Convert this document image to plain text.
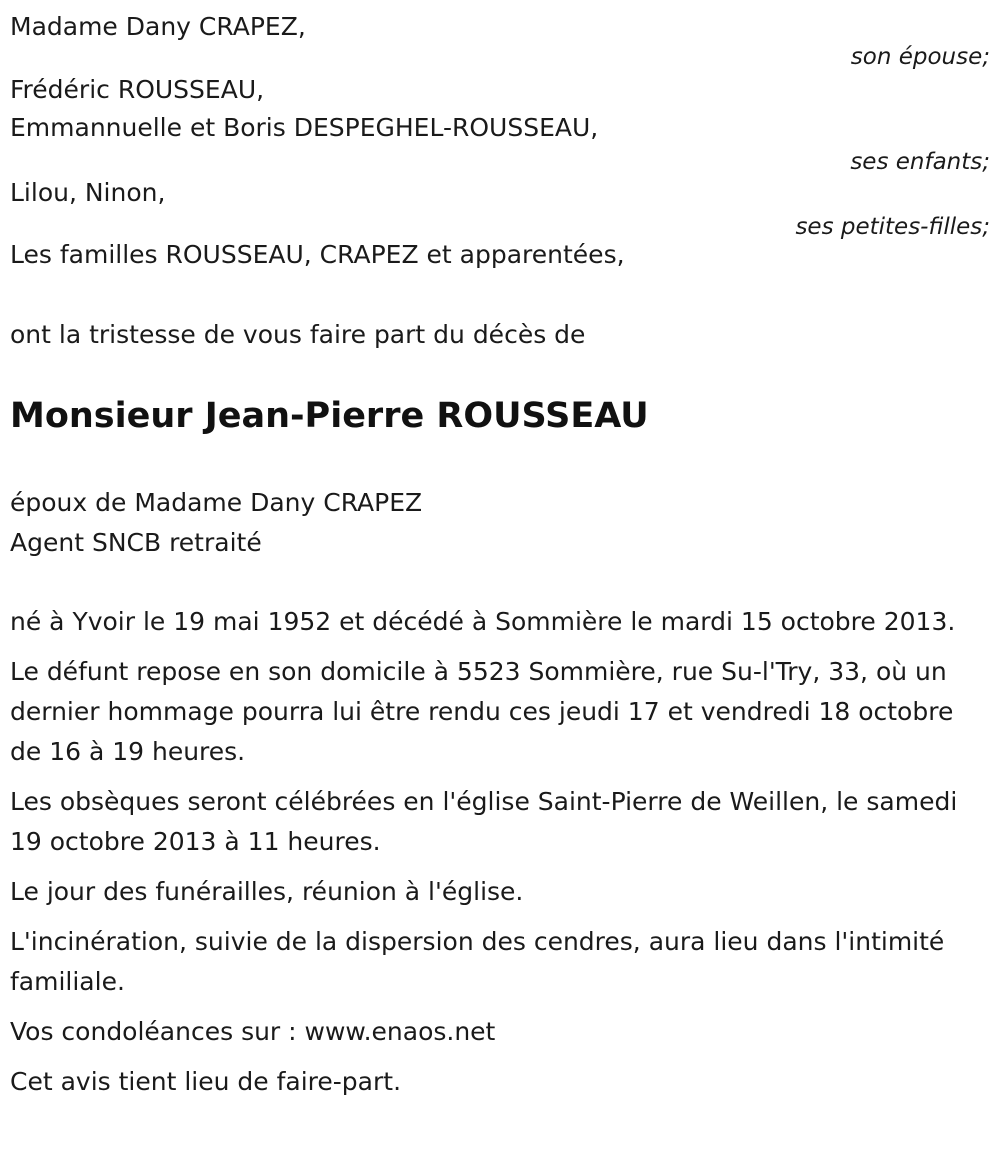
Madame Dany CRAPEZ,
son épouse;
Frédéric ROUSSEAU,
Emmannuelle et Boris DESPEGHEL-ROUSSEAU,
ses enfants;
Lilou, Ninon,
ses petites-filles;
Les familles ROUSSEAU, CRAPEZ et apparentées,
ont la tristesse de vous faire part du décès de
Monsieur Jean-Pierre ROUSSEAU
époux de Madame Dany CRAPEZ
Agent SNCB retraité

né à Yvoir le 19 mai 1952 et décédé à Sommière le mardi 15 octobre 2013.

Le défunt repose en son domicile à 5523 Sommière, rue Su-l'Try, 33, où un dernier hommage pourra lui être rendu ces jeudi 17 et vendredi 18 octobre de 16 à 19 heures.

Les obsèques seront célébrées en l'église Saint-Pierre de Weillen, le samedi 19 octobre 2013 à 11 heures.

Le jour des funérailles, réunion à l'église.

L'incinération, suivie de la dispersion des cendres, aura lieu dans l'intimité familiale.

Vos condoléances sur : www.enaos.net

Cet avis tient lieu de faire-part.
